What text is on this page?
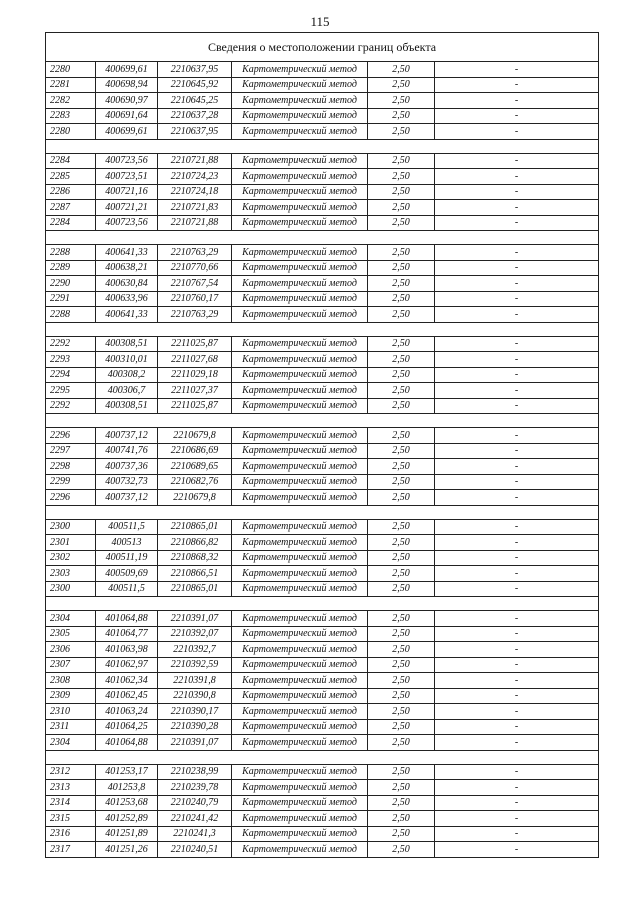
115
Сведения о местоположении границ объекта					
2280	400699,61	2210637,95	Картометрический метод	2,50	-
2281	400698,94	2210645,92	Картометрический метод	2,50	-
2282	400690,97	2210645,25	Картометрический метод	2,50	-
2283	400691,64	2210637,28	Картометрический метод	2,50	-
2280	400699,61	2210637,95	Картометрический метод	2,50	-

2284	400723,56	2210721,88	Картометрический метод	2,50	-
2285	400723,51	2210724,23	Картометрический метод	2,50	-
2286	400721,16	2210724,18	Картометрический метод	2,50	-
2287	400721,21	2210721,83	Картометрический метод	2,50	-
2284	400723,56	2210721,88	Картометрический метод	2,50	-

2288	400641,33	2210763,29	Картометрический метод	2,50	-
2289	400638,21	2210770,66	Картометрический метод	2,50	-
2290	400630,84	2210767,54	Картометрический метод	2,50	-
2291	400633,96	2210760,17	Картометрический метод	2,50	-
2288	400641,33	2210763,29	Картометрический метод	2,50	-

2292	400308,51	2211025,87	Картометрический метод	2,50	-
2293	400310,01	2211027,68	Картометрический метод	2,50	-
2294	400308,2	2211029,18	Картометрический метод	2,50	-
2295	400306,7	2211027,37	Картометрический метод	2,50	-
2292	400308,51	2211025,87	Картометрический метод	2,50	-

2296	400737,12	2210679,8	Картометрический метод	2,50	-
2297	400741,76	2210686,69	Картометрический метод	2,50	-
2298	400737,36	2210689,65	Картометрический метод	2,50	-
2299	400732,73	2210682,76	Картометрический метод	2,50	-
2296	400737,12	2210679,8	Картометрический метод	2,50	-

2300	400511,5	2210865,01	Картометрический метод	2,50	-
2301	400513	2210866,82	Картометрический метод	2,50	-
2302	400511,19	2210868,32	Картометрический метод	2,50	-
2303	400509,69	2210866,51	Картометрический метод	2,50	-
2300	400511,5	2210865,01	Картометрический метод	2,50	-

2304	401064,88	2210391,07	Картометрический метод	2,50	-
2305	401064,77	2210392,07	Картометрический метод	2,50	-
2306	401063,98	2210392,7	Картометрический метод	2,50	-
2307	401062,97	2210392,59	Картометрический метод	2,50	-
2308	401062,34	2210391,8	Картометрический метод	2,50	-
2309	401062,45	2210390,8	Картометрический метод	2,50	-
2310	401063,24	2210390,17	Картометрический метод	2,50	-
2311	401064,25	2210390,28	Картометрический метод	2,50	-
2304	401064,88	2210391,07	Картометрический метод	2,50	-

2312	401253,17	2210238,99	Картометрический метод	2,50	-
2313	401253,8	2210239,78	Картометрический метод	2,50	-
2314	401253,68	2210240,79	Картометрический метод	2,50	-
2315	401252,89	2210241,42	Картометрический метод	2,50	-
2316	401251,89	2210241,3	Картометрический метод	2,50	-
2317	401251,26	2210240,51	Картометрический метод	2,50	-
